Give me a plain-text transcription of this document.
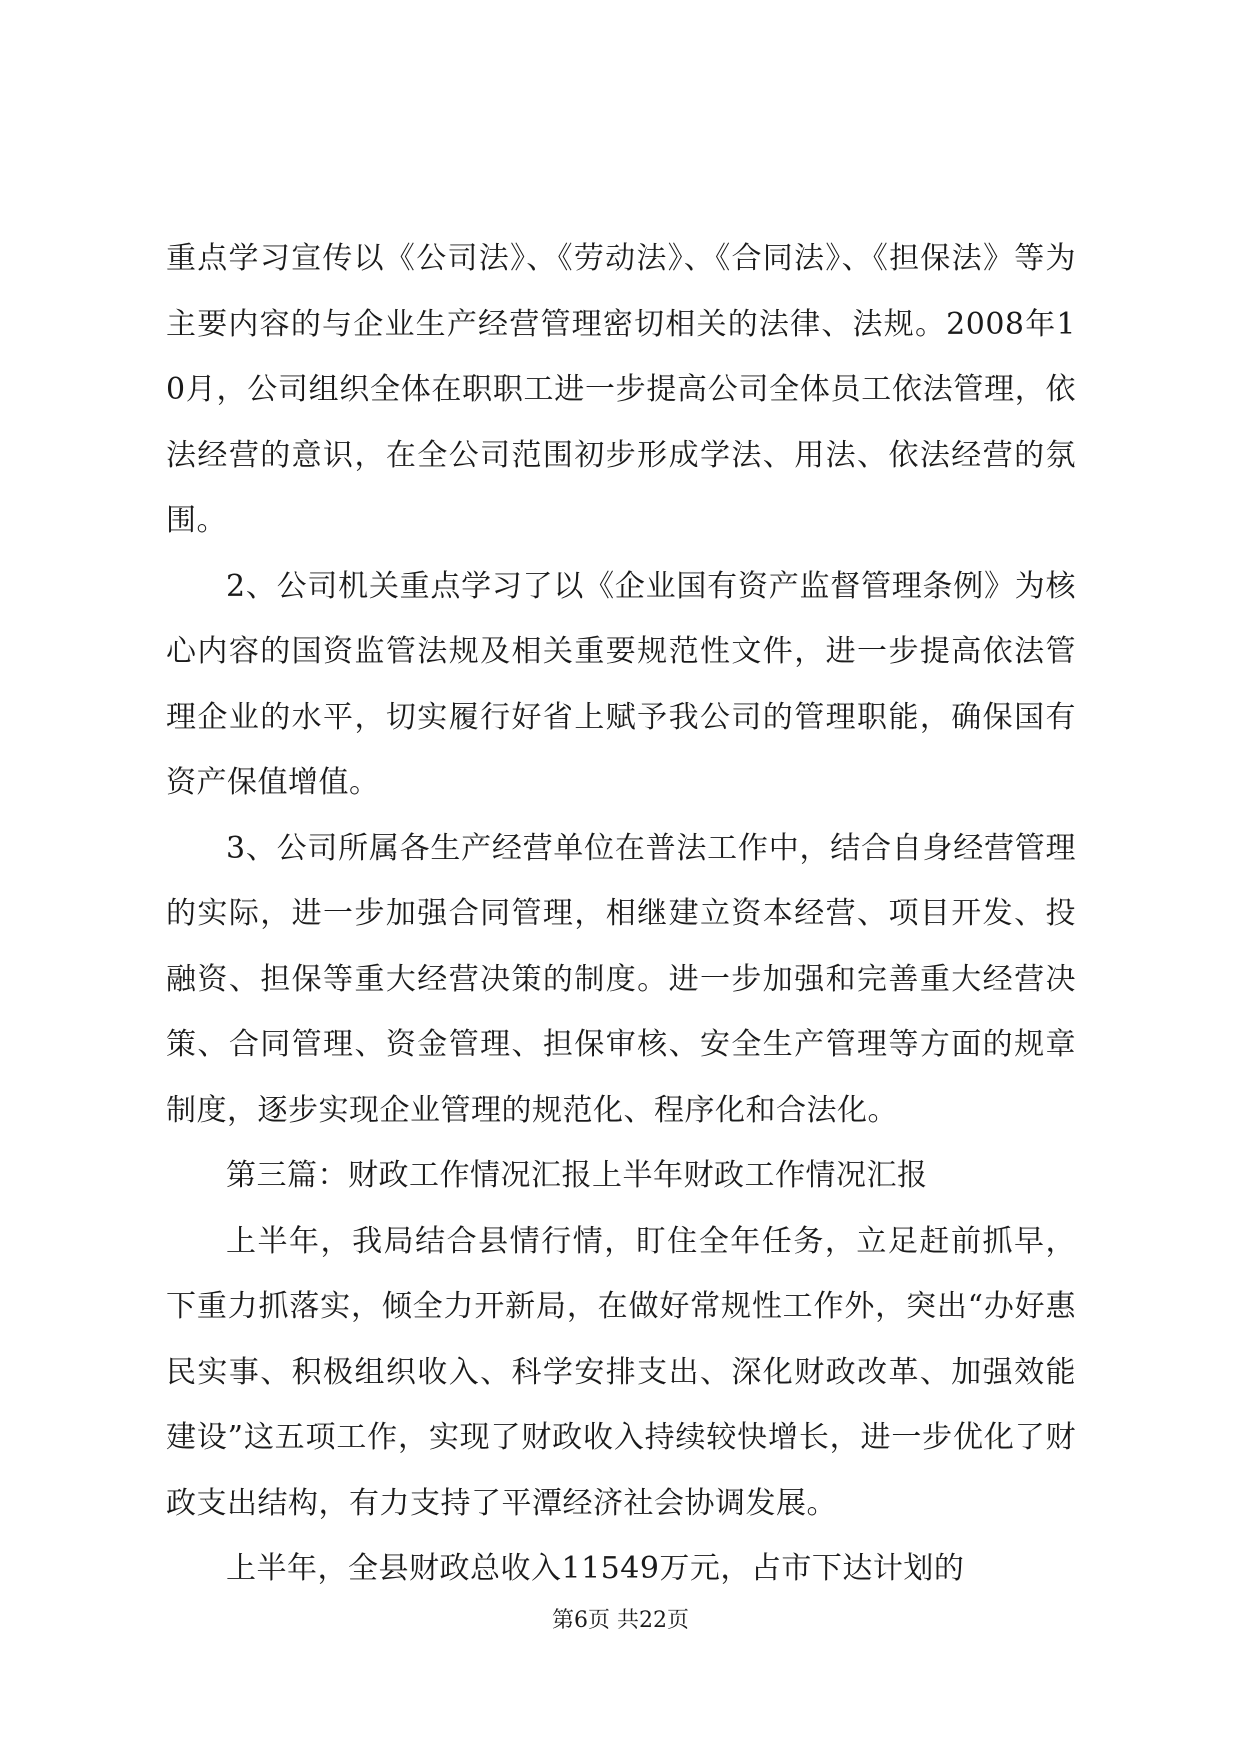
重点学习宣传以《公司法》、《劳动法》、《合同法》、《担保法》等为主要内容的与企业生产经营管理密切相关的法律、法规。2008年10月，公司组织全体在职职工进一步提高公司全体员工依法管理，依法经营的意识，在全公司范围初步形成学法、用法、依法经营的氛围。

2、公司机关重点学习了以《企业国有资产监督管理条例》为核心内容的国资监管法规及相关重要规范性文件，进一步提高依法管理企业的水平，切实履行好省上赋予我公司的管理职能，确保国有资产保值增值。

3、公司所属各生产经营单位在普法工作中，结合自身经营管理的实际，进一步加强合同管理，相继建立资本经营、项目开发、投融资、担保等重大经营决策的制度。进一步加强和完善重大经营决策、合同管理、资金管理、担保审核、安全生产管理等方面的规章制度，逐步实现企业管理的规范化、程序化和合法化。

第三篇：财政工作情况汇报上半年财政工作情况汇报

上半年，我局结合县情行情，盯住全年任务，立足赶前抓早，下重力抓落实，倾全力开新局，在做好常规性工作外，突出“办好惠民实事、积极组织收入、科学安排支出、深化财政改革、加强效能建设”这五项工作，实现了财政收入持续较快增长，进一步优化了财政支出结构，有力支持了平潭经济社会协调发展。

上半年，全县财政总收入11549万元，占市下达计划的

第6页 共22页
